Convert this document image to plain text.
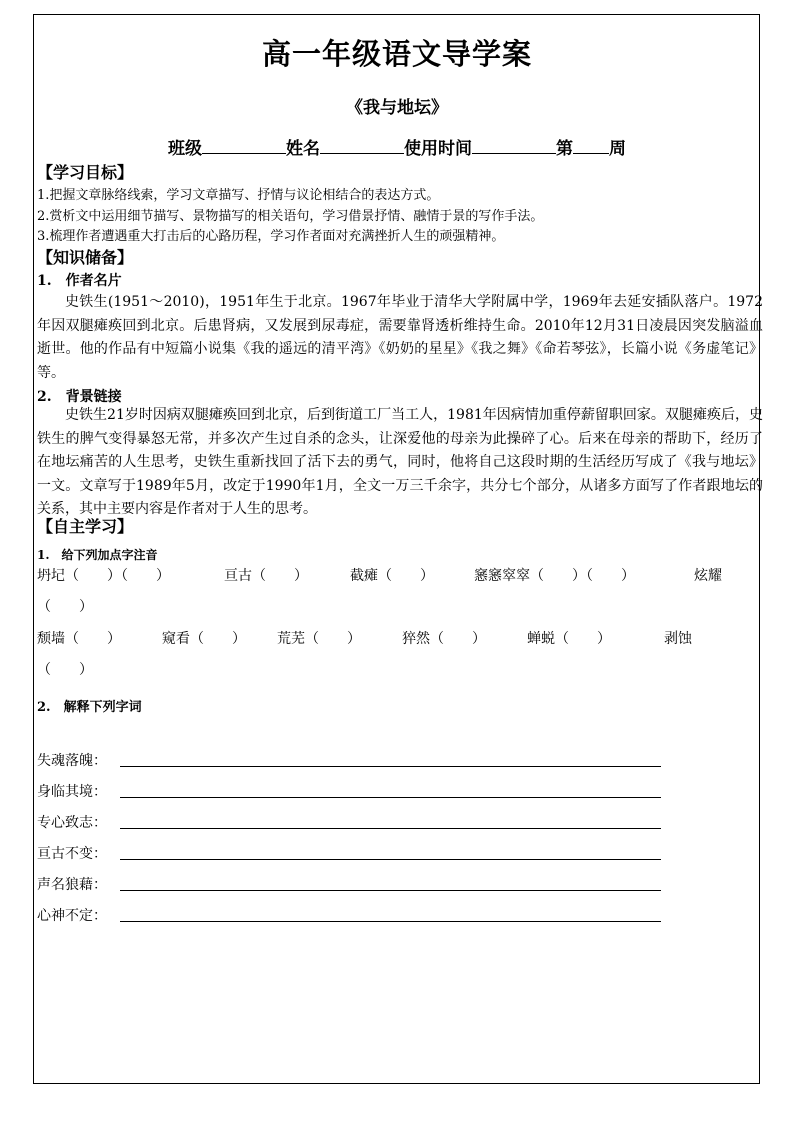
高一年级语文导学案
《我与地坛》
班级	姓名	使用时间	第 周
【学习目标】
1.把握文章脉络线索，学习文章描写、抒情与议论相结合的表达方式。
2.赏析文中运用细节描写、景物描写的相关语句，学习借景抒情、融情于景的写作手法。
3.梳理作者遭遇重大打击后的心路历程，学习作者面对充满挫折人生的顽强精神。
【知识储备】
1.　作者名片
史铁生(1951～2010)，1951年生于北京。1967年毕业于清华大学附属中学，1969年去延安插队落户。1972年因双腿瘫痪回到北京。后患肾病，又发展到尿毒症，需要靠肾透析维持生命。2010年12月31日凌晨因突发脑溢血逝世。他的作品有中短篇小说集《我的遥远的清平湾》《奶奶的星星》《我之舞》《命若琴弦》，长篇小说《务虚笔记》等。
2.　背景链接
史铁生21岁时因病双腿瘫痪回到北京，后到街道工厂当工人，1981年因病情加重停薪留职回家。双腿瘫痪后，史铁生的脾气变得暴怒无常，并多次产生过自杀的念头，让深爱他的母亲为此操碎了心。后来在母亲的帮助下，经历了在地坛痛苦的人生思考，史铁生重新找回了活下去的勇气，同时，他将自己这段时期的生活经历写成了《我与地坛》一文。文章写于1989年5月，改定于1990年1月，全文一万三千余字，共分七个部分，从诸多方面写了作者跟地坛的关系，其中主要内容是作者对于人生的思考。
【自主学习】
1.　给下列加点字注音
坍圮（　　）（　　）	亘古（　　）	截瘫（　　）	窸窸窣窣（　　）（　　）	炫耀
（　　）
颓墙（　　）	窥看（　　） 荒芜（　　）	猝然（　　）	蝉蜕（　　）	剥蚀
（　　）
2.　解释下列字词
失魂落魄：
身临其境：
专心致志：
亘古不变：
声名狼藉：
心神不定：
